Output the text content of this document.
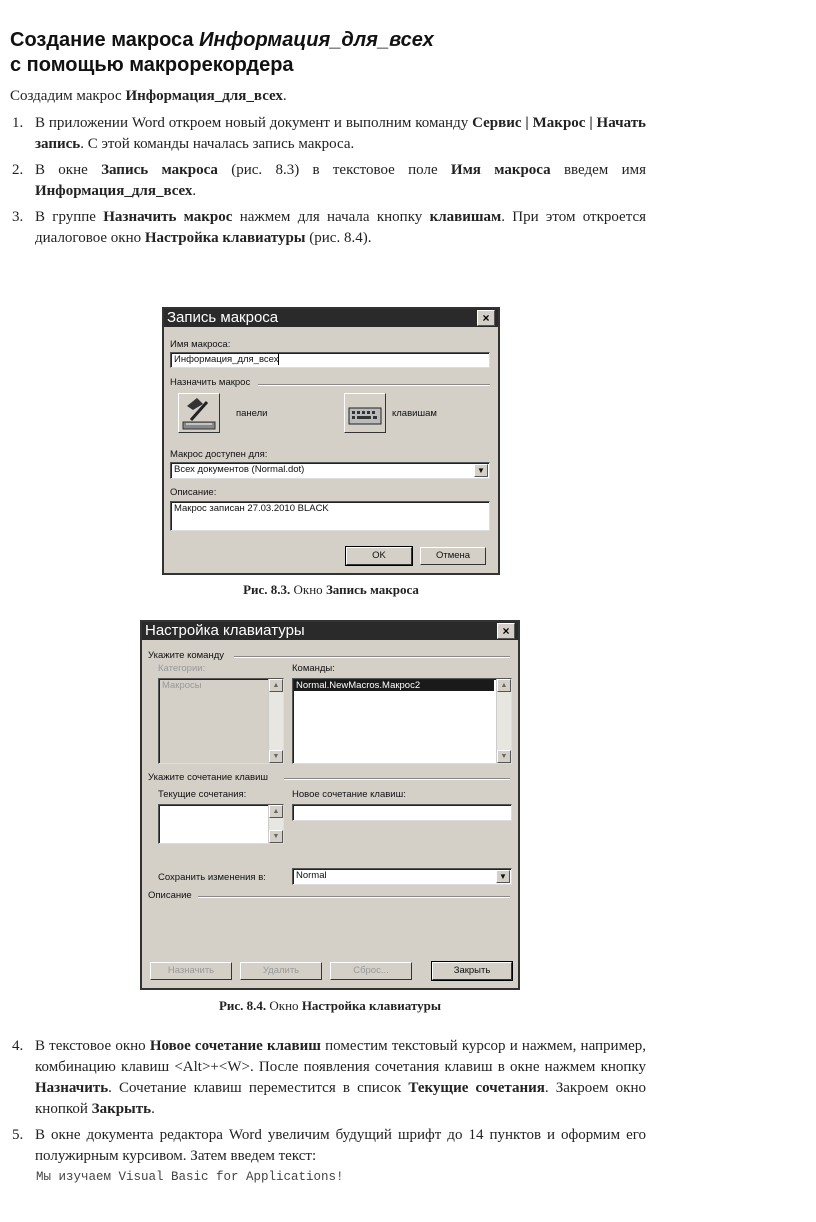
Создание макроса Информация_для_всех
с помощью макрорекордера

Создадим макрос Информация_для_всех.

1. В приложении Word откроем новый документ и выполним команду Сервис | Макрос | Начать запись. С этой команды началась запись макроса.
2. В окне Запись макроса (рис. 8.3) в текстовое поле Имя макроса введем имя Информация_для_всех.
3. В группе Назначить макрос нажмем для начала кнопку клавишам. При этом откроется диалоговое окно Настройка клавиатуры (рис. 8.4).
Запись макроса	×
Имя макроса:
Информация_для_всех
Назначить макрос
панели	клавишам
Макрос доступен для:
Всех документов (Normal.dot)	▼
Описание:
Макрос записан 27.03.2010 BLACK
OK	Отмена
Рис. 8.3. Окно Запись макроса
Настройка клавиатуры	×
Укажите команду
Категории:
Макросы	▲
▼
Команды:
Normal.NewMacros.Макрос2	▲
▼
Укажите сочетание клавиш
Текущие сочетания:
▲
▼
Новое сочетание клавиш:
Сохранить изменения в:	Normal	▼
Описание
Назначить	Удалить	Сброс...	Закрыть
Рис. 8.4. Окно Настройка клавиатуры
4. В текстовое окно Новое сочетание клавиш поместим текстовый курсор и нажмем, например, комбинацию клавиш <Alt>+<W>. После появления сочетания клавиш в окне нажмем кнопку Назначить. Сочетание клавиш переместится в список Текущие сочетания. Закроем окно кнопкой Закрыть.
5. В окне документа редактора Word увеличим будущий шрифт до 14 пунктов и оформим его полужирным курсивом. Затем введем текст:
Мы изучаем Visual Basic for Applications!
